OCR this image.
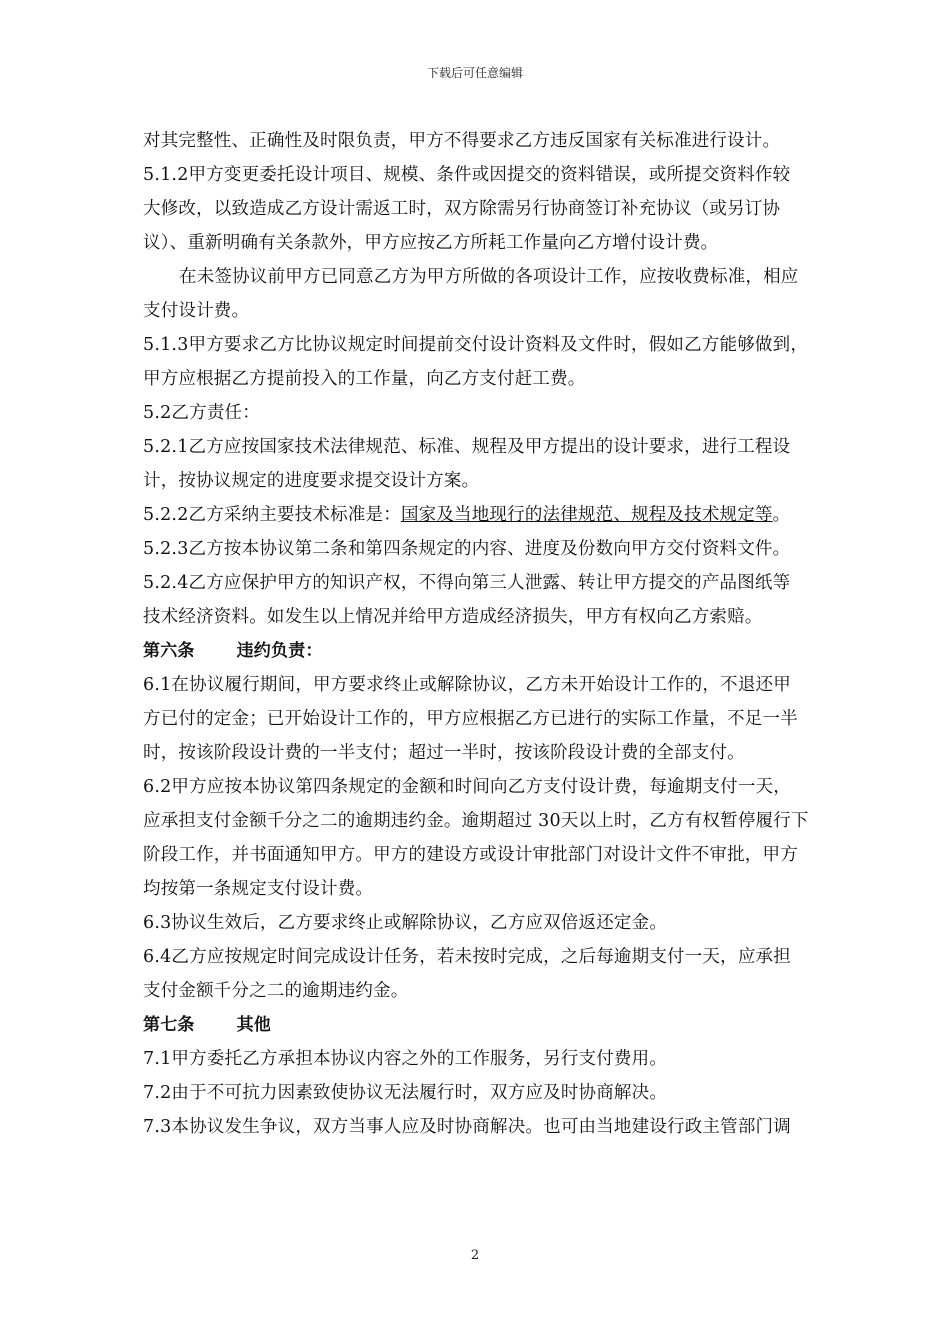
下载后可任意编辑
对其完整性、正确性及时限负责，甲方不得要求乙方违反国家有关标准进行设计。
5.1.2甲方变更委托设计项目、规模、条件或因提交的资料错误，或所提交资料作较
大修改，以致造成乙方设计需返工时，双方除需另行协商签订补充协议（或另订协
议）、重新明确有关条款外，甲方应按乙方所耗工作量向乙方增付设计费。
在未签协议前甲方已同意乙方为甲方所做的各项设计工作，应按收费标准，相应
支付设计费。
5.1.3甲方要求乙方比协议规定时间提前交付设计资料及文件时，假如乙方能够做到，
甲方应根据乙方提前投入的工作量，向乙方支付赶工费。
5.2乙方责任：
5.2.1乙方应按国家技术法律规范、标准、规程及甲方提出的设计要求，进行工程设
计，按协议规定的进度要求提交设计方案。
5.2.2乙方采纳主要技术标准是：国家及当地现行的法律规范、规程及技术规定等。
5.2.3乙方按本协议第二条和第四条规定的内容、进度及份数向甲方交付资料文件。
5.2.4乙方应保护甲方的知识产权，不得向第三人泄露、转让甲方提交的产品图纸等
技术经济资料。如发生以上情况并给甲方造成经济损失，甲方有权向乙方索赔。
第六条 违约负责：
6.1在协议履行期间，甲方要求终止或解除协议，乙方未开始设计工作的，不退还甲
方已付的定金；已开始设计工作的，甲方应根据乙方已进行的实际工作量，不足一半
时，按该阶段设计费的一半支付；超过一半时，按该阶段设计费的全部支付。
6.2甲方应按本协议第四条规定的金额和时间向乙方支付设计费，每逾期支付一天，
应承担支付金额千分之二的逾期违约金。逾期超过 30天以上时，乙方有权暂停履行下
阶段工作，并书面通知甲方。甲方的建设方或设计审批部门对设计文件不审批，甲方
均按第一条规定支付设计费。
6.3协议生效后，乙方要求终止或解除协议，乙方应双倍返还定金。
6.4乙方应按规定时间完成设计任务，若未按时完成，之后每逾期支付一天，应承担
支付金额千分之二的逾期违约金。
第七条 其他
7.1甲方委托乙方承担本协议内容之外的工作服务，另行支付费用。
7.2由于不可抗力因素致使协议无法履行时，双方应及时协商解决。
7.3本协议发生争议，双方当事人应及时协商解决。也可由当地建设行政主管部门调
2
